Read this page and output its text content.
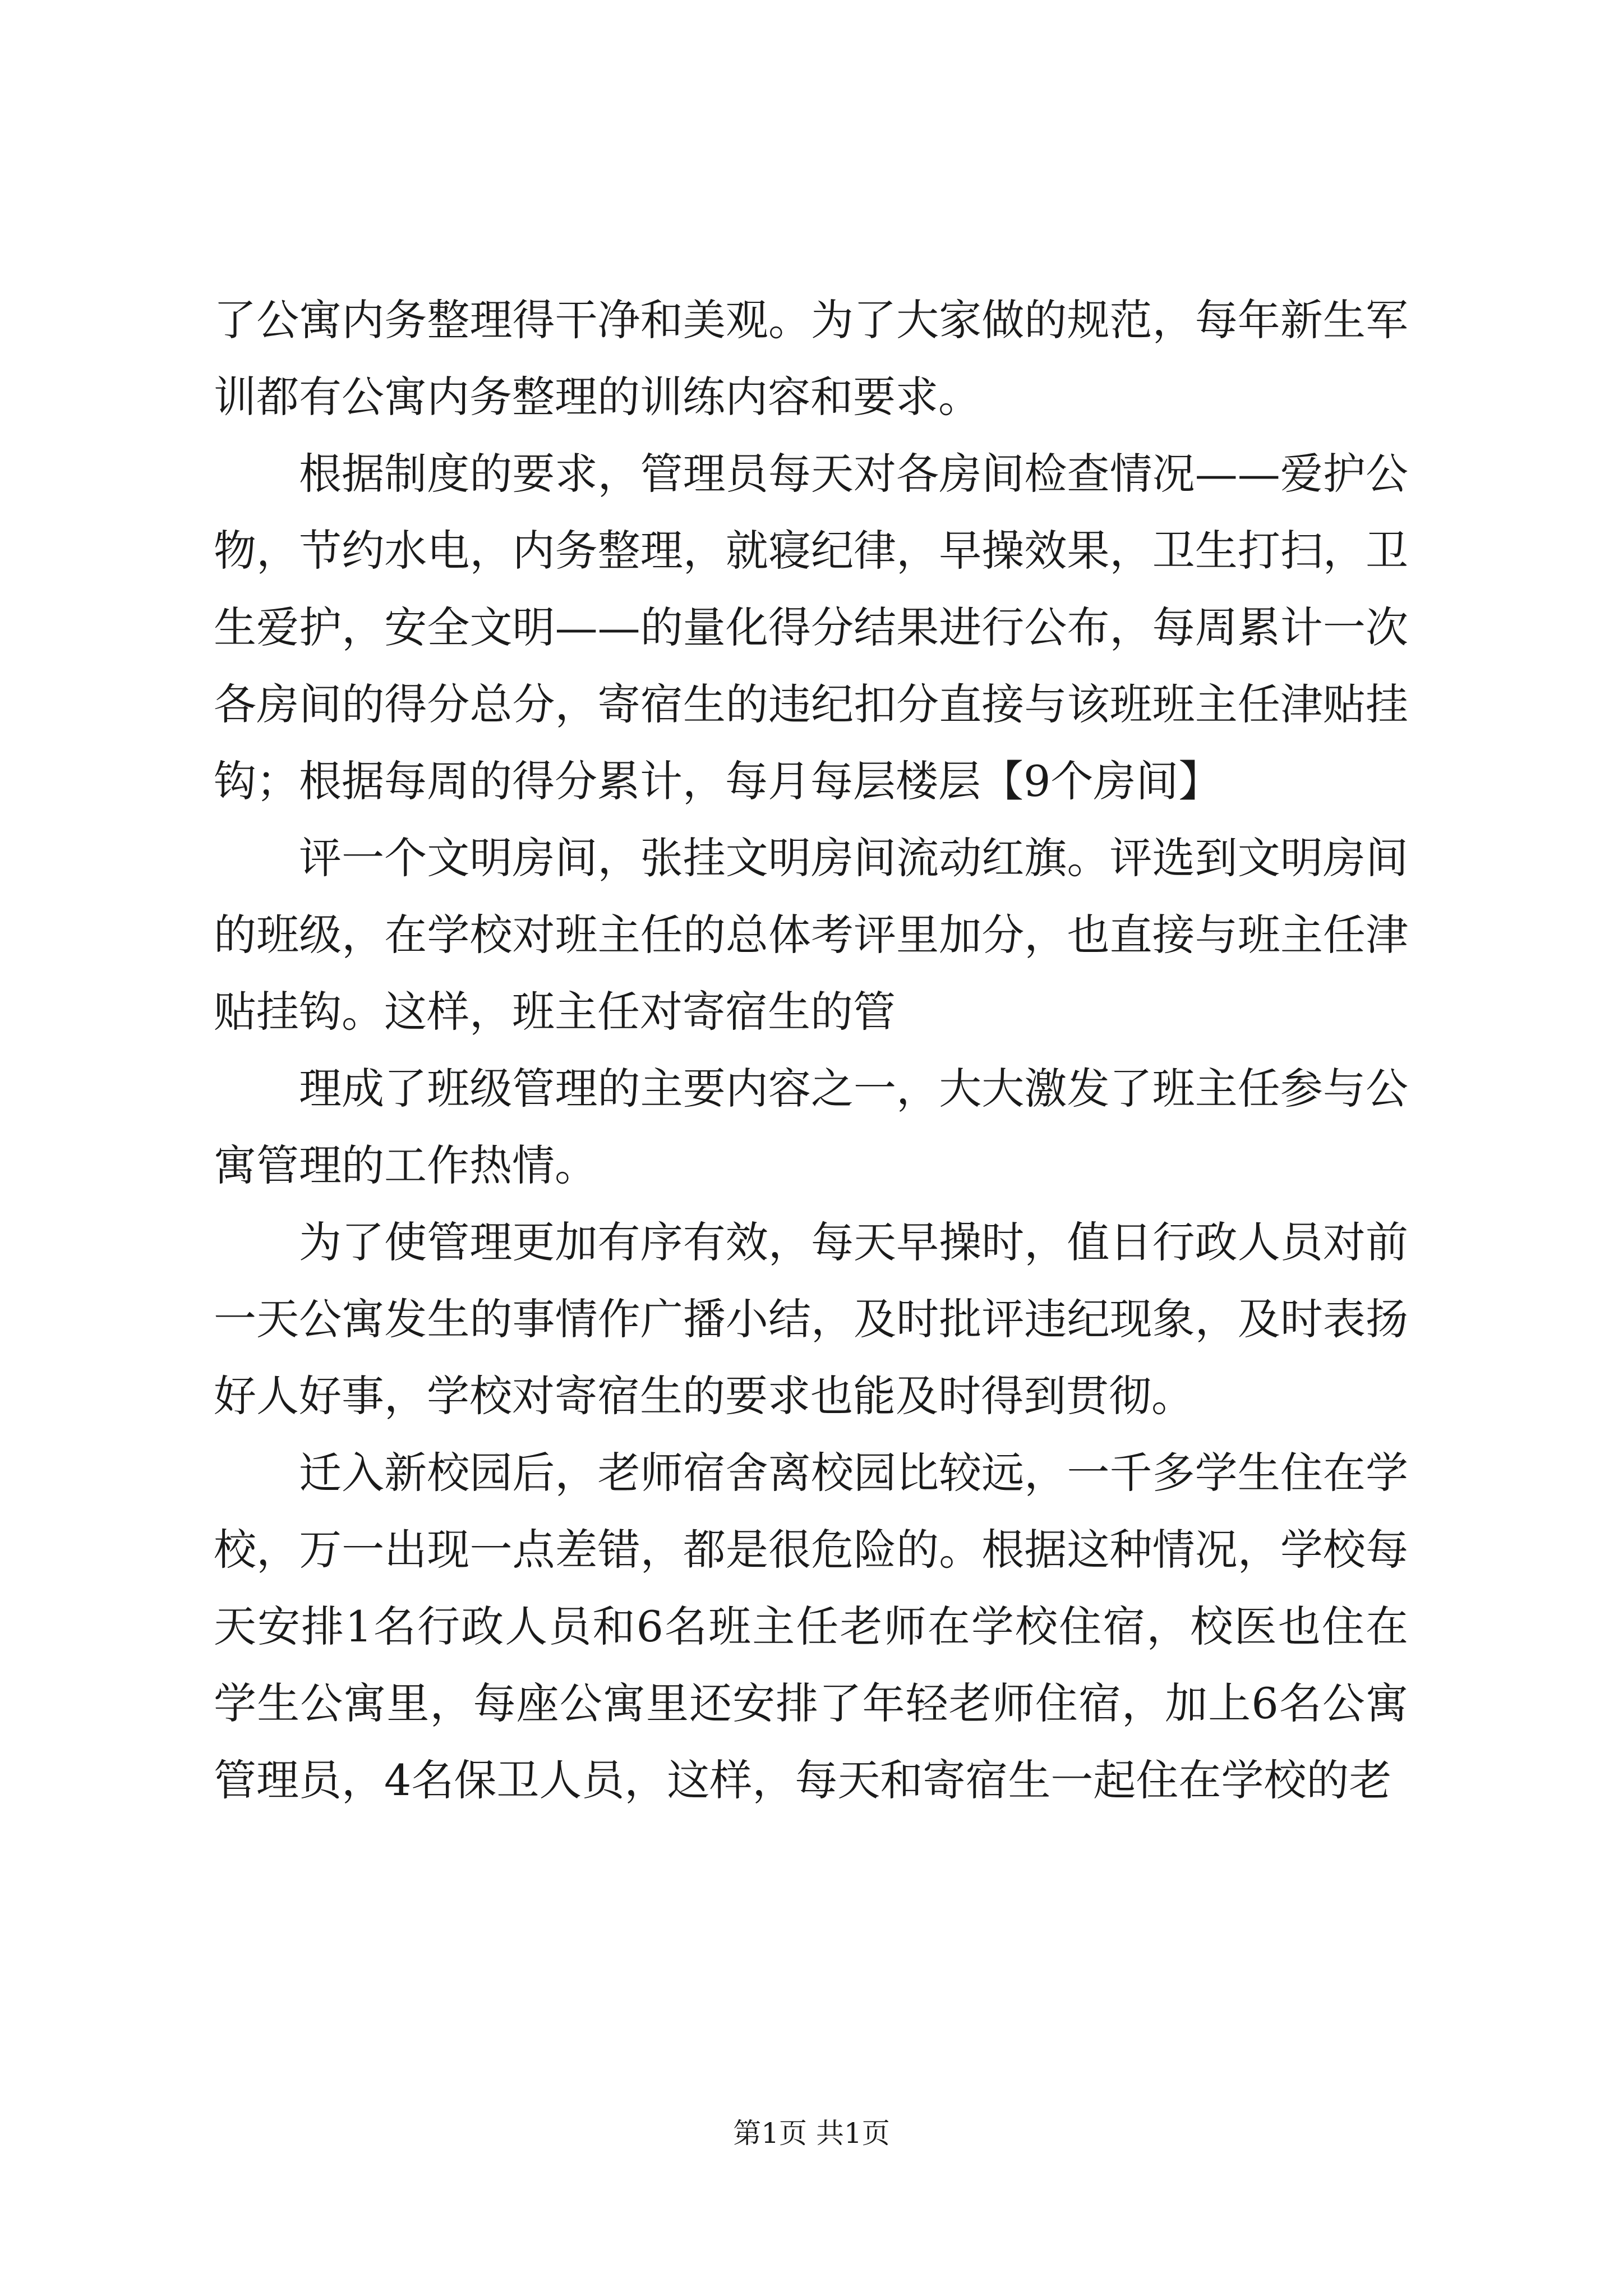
了公寓内务整理得干净和美观。为了大家做的规范，每年新生军训都有公寓内务整理的训练内容和要求。

根据制度的要求，管理员每天对各房间检查情况——爱护公物，节约水电，内务整理，就寝纪律，早操效果，卫生打扫，卫生爱护，安全文明——的量化得分结果进行公布，每周累计一次各房间的得分总分，寄宿生的违纪扣分直接与该班班主任津贴挂钩；根据每周的得分累计，每月每层楼层【9个房间】

评一个文明房间，张挂文明房间流动红旗。评选到文明房间的班级，在学校对班主任的总体考评里加分，也直接与班主任津贴挂钩。这样，班主任对寄宿生的管

理成了班级管理的主要内容之一，大大激发了班主任参与公寓管理的工作热情。

为了使管理更加有序有效，每天早操时，值日行政人员对前一天公寓发生的事情作广播小结，及时批评违纪现象，及时表扬好人好事，学校对寄宿生的要求也能及时得到贯彻。

迁入新校园后，老师宿舍离校园比较远，一千多学生住在学校，万一出现一点差错，都是很危险的。根据这种情况，学校每天安排1名行政人员和6名班主任老师在学校住宿，校医也住在学生公寓里，每座公寓里还安排了年轻老师住宿，加上6名公寓管理员，4名保卫人员，这样，每天和寄宿生一起住在学校的老

第1页 共1页
